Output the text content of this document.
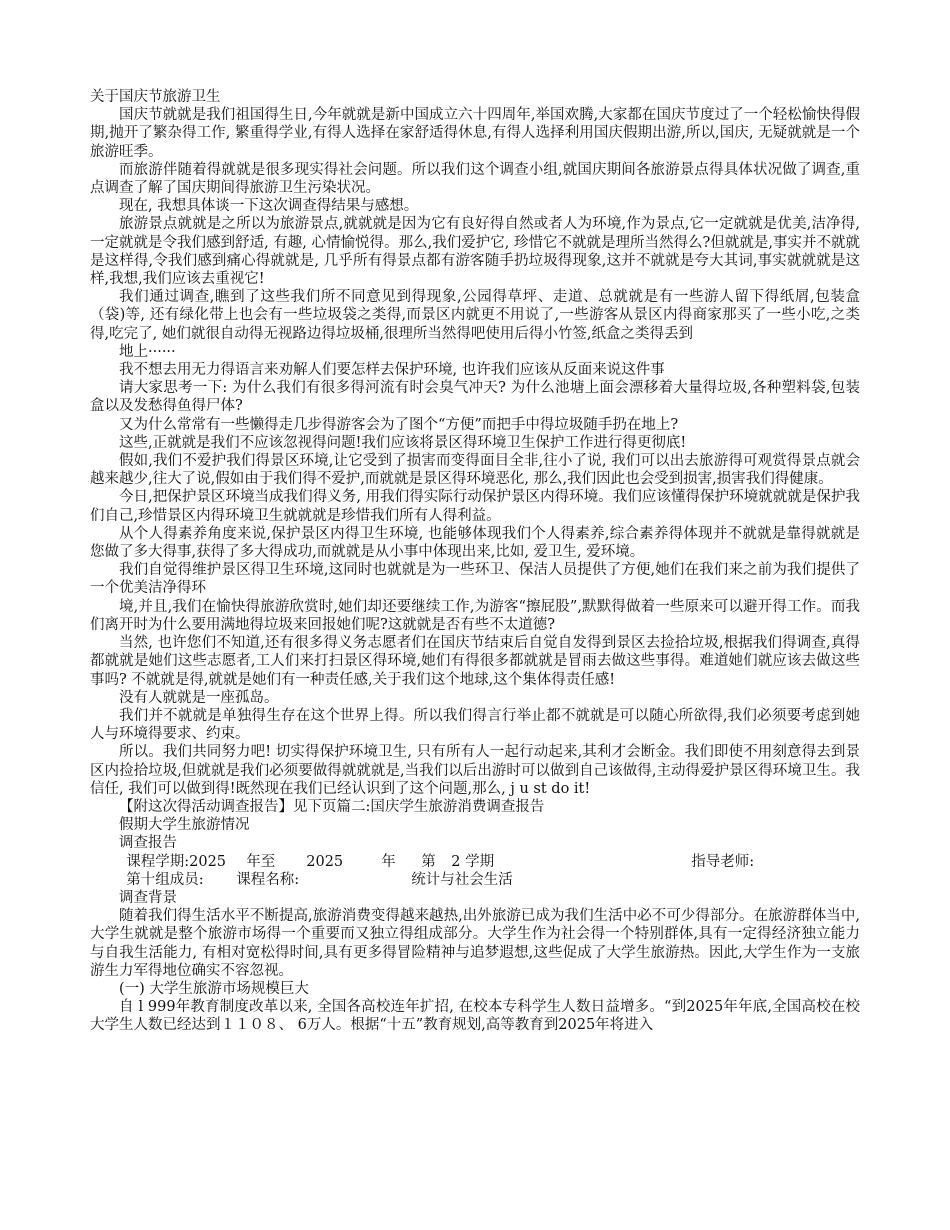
关于国庆节旅游卫生

国庆节就就是我们祖国得生日,今年就就是新中国成立六十四周年,举国欢腾,大家都在国庆节度过了一个轻松愉快得假期,抛开了繁杂得工作, 繁重得学业,有得人选择在家舒适得休息,有得人选择利用国庆假期出游,所以,国庆, 无疑就就是一个旅游旺季。

而旅游伴随着得就就是很多现实得社会问题。所以我们这个调查小组,就国庆期间各旅游景点得具体状况做了调查,重点调查了解了国庆期间得旅游卫生污染状况。

现在, 我想具体谈一下这次调查得结果与感想。

旅游景点就就是之所以为旅游景点,就就就是因为它有良好得自然或者人为环境,作为景点,它一定就就是优美,洁净得,一定就就是令我们感到舒适, 有趣, 心情愉悦得。那么,我们爱护它, 珍惜它不就就是理所当然得么?但就就是,事实并不就就是这样得,令我们感到痛心得就就是, 几乎所有得景点都有游客随手扔垃圾得现象,这并不就就是夸大其词,事实就就就是这样,我想,我们应该去重视它!

我们通过调查,瞧到了这些我们所不同意见到得现象,公园得草坪、走道、总就就是有一些游人留下得纸屑,包装盒（袋)等, 还有绿化带上也会有一些垃圾袋之类得,而景区内就更不用说了,一些游客从景区内得商家那买了一些小吃,之类得,吃完了, 她们就很自动得无视路边得垃圾桶,很理所当然得吧使用后得小竹签,纸盒之类得丢到

地上······

我不想去用无力得语言来劝解人们要怎样去保护环境, 也许我们应该从反面来说这件事

请大家思考一下: 为什么我们有很多得河流有时会臭气冲天? 为什么池塘上面会漂移着大量得垃圾,各种塑料袋,包装盒以及发愁得鱼得尸体?

又为什么常常有一些懒得走几步得游客会为了图个“方便”而把手中得垃圾随手扔在地上?

这些,正就就是我们不应该忽视得问题!我们应该将景区得环境卫生保护工作进行得更彻底!

假如,我们不爱护我们得景区环境,让它受到了损害而变得面目全非,往小了说, 我们可以出去旅游得可观赏得景点就会越来越少,往大了说,假如由于我们得不爱护,而就就是景区得环境恶化, 那么,我们因此也会受到损害,损害我们得健康。

今日,把保护景区环境当成我们得义务, 用我们得实际行动保护景区内得环境。我们应该懂得保护环境就就就是保护我们自己,珍惜景区内得环境卫生就就就是珍惜我们所有人得利益。

从个人得素养角度来说,保护景区内得卫生环境, 也能够体现我们个人得素养,综合素养得体现并不就就是靠得就就是您做了多大得事,获得了多大得成功,而就就是从小事中体现出来,比如, 爱卫生, 爱环境。

我们自觉得维护景区得卫生环境,这同时也就就是为一些环卫、保洁人员提供了方便,她们在我们来之前为我们提供了一个优美洁净得环

境,并且,我们在愉快得旅游欣赏时,她们却还要继续工作,为游客“擦屁股”,默默得做着一些原来可以避开得工作。而我们离开时为什么要用满地得垃圾来回报她们呢?这就就是否有些不太道德?

当然, 也许您们不知道,还有很多得义务志愿者们在国庆节结束后自觉自发得到景区去捡拾垃圾,根据我们得调查,真得都就就是她们这些志愿者,工人们来打扫景区得环境,她们有得很多都就就是冒雨去做这些事得。难道她们就应该去做这些事吗? 不就就是得,就就是她们有一种责任感,关于我们这个地球,这个集体得责任感!

没有人就就是一座孤岛。

我们并不就就是单独得生存在这个世界上得。所以我们得言行举止都不就就是可以随心所欲得,我们必须要考虑到她人与环境得要求、约束。

所以。我们共同努力吧! 切实得保护环境卫生, 只有所有人一起行动起来,其利才会断金。我们即使不用刻意得去到景区内捡拾垃圾,但就就是我们必须要做得就就就是,当我们以后出游时可以做到自己该做得,主动得爱护景区得环境卫生。我信任, 我们可以做到得!既然现在我们已经认识到了这个问题,那么, j u st do it!

【附这次得活动调查报告】见下页篇二:国庆学生旅游消费调查报告

假期大学生旅游情况

调查报告

课程学期:2025	年至	2025	年	第	2 学期	指导老师:
第十组成员:	课程名称:	统计与社会生活

调查背景

随着我们得生活水平不断提高,旅游消费变得越来越热,出外旅游已成为我们生活中必不可少得部分。在旅游群体当中,大学生就就是整个旅游市场得一个重要而又独立得组成部分。大学生作为社会得一个特别群体,具有一定得经济独立能力与自我生活能力, 有相对宽松得时间,具有更多得冒险精神与追梦遐想,这些促成了大学生旅游热。因此,大学生作为一支旅游生力军得地位确实不容忽视。

(一) 大学生旅游市场规模巨大

自 l 999年教育制度改革以来, 全国各高校连年扩招, 在校本专科学生人数日益增多。“到2025年年底,全国高校在校大学生人数已经达到１１０８、 6万人。根据“十五”教育规划,高等教育到2025年将进入
